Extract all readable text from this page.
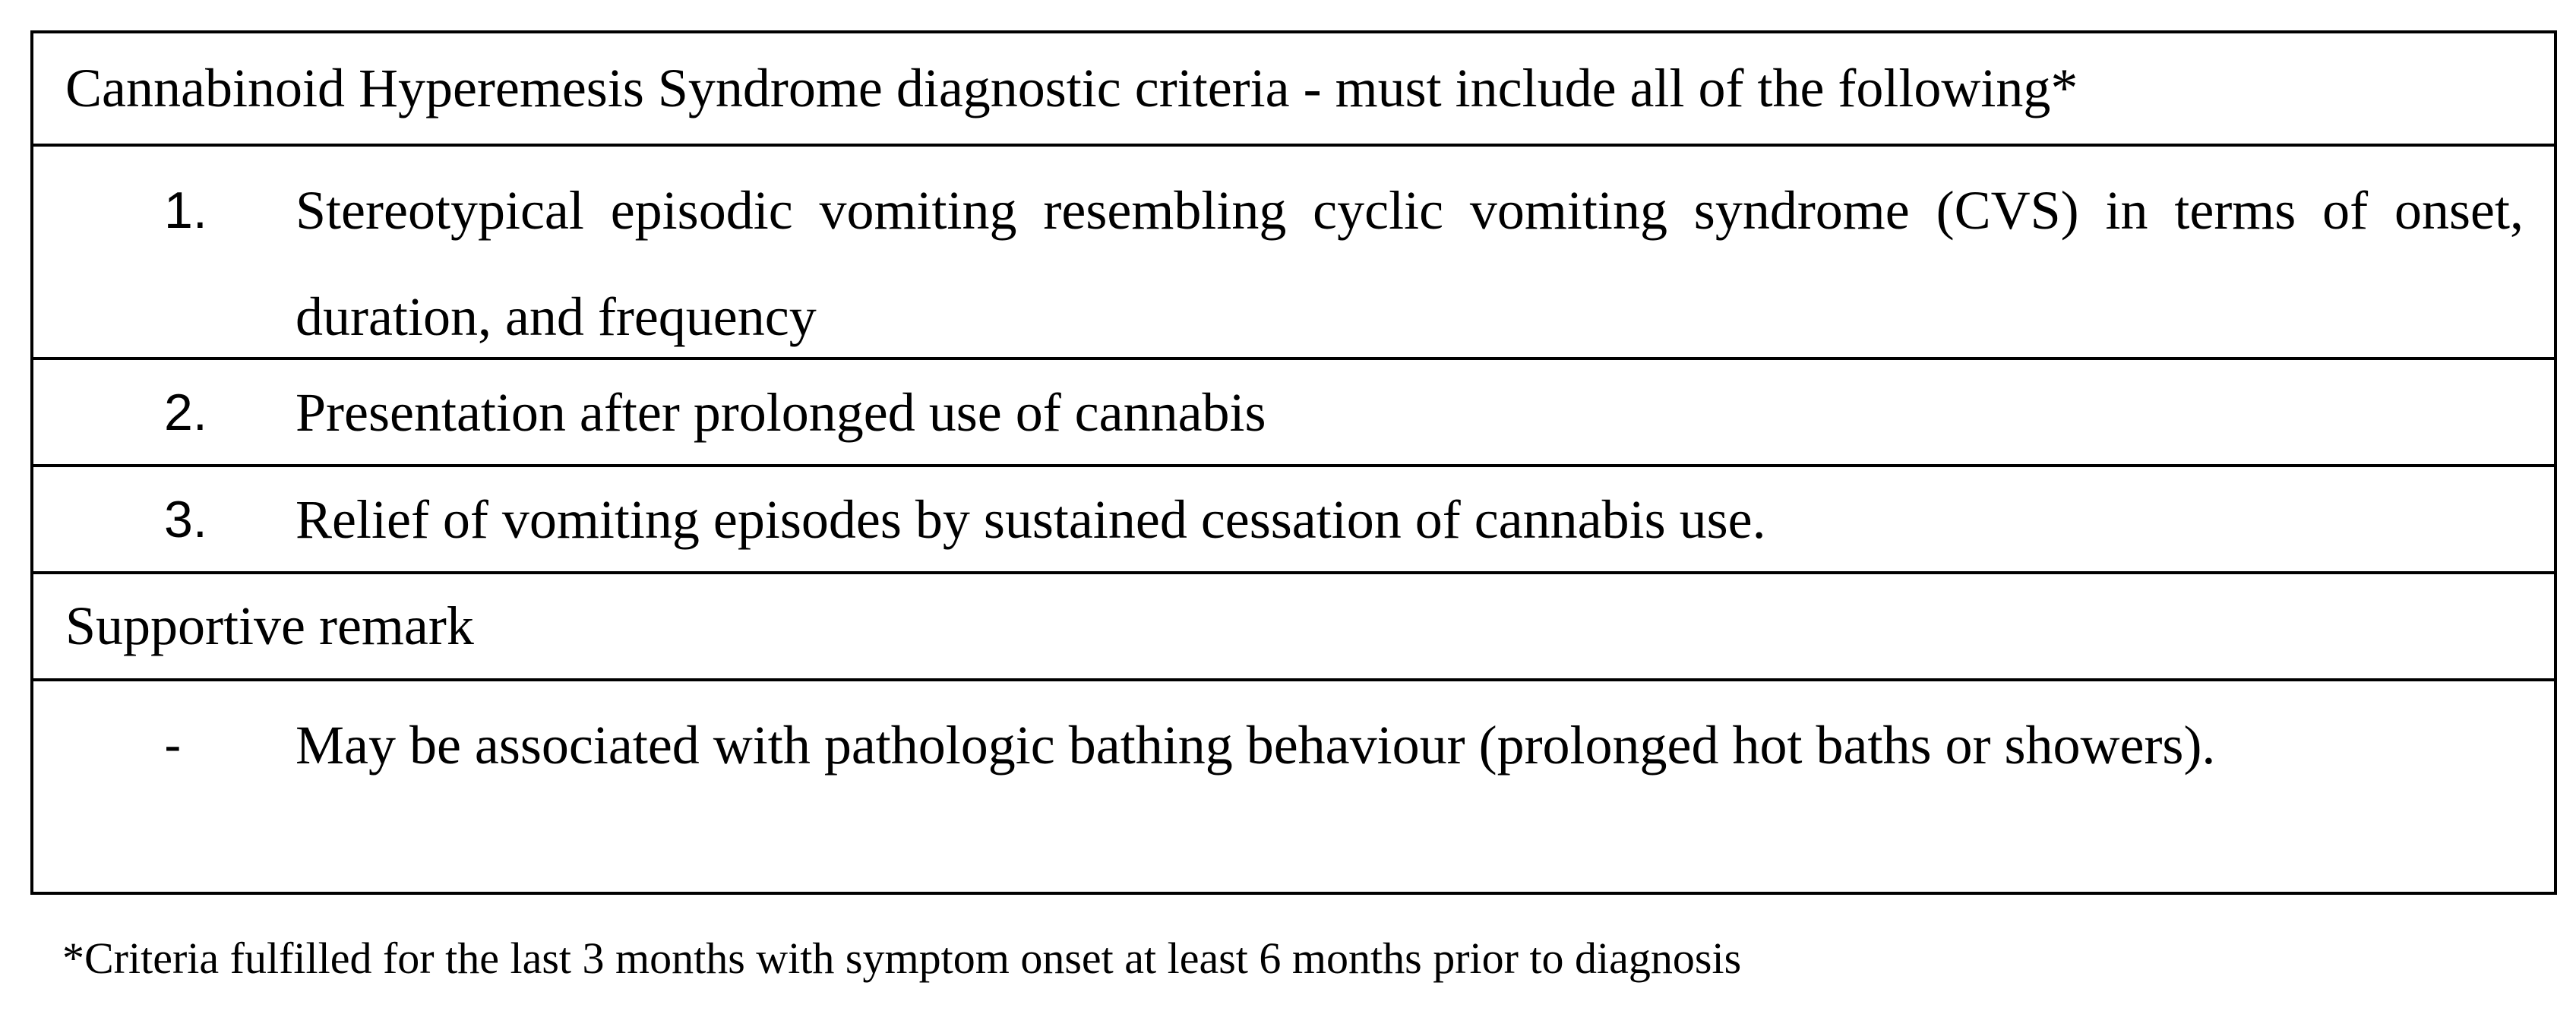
Cannabinoid Hyperemesis Syndrome diagnostic criteria - must include all of the following*
1.	Stereotypical episodic vomiting resembling cyclic vomiting syndrome (CVS) in terms of onset, duration, and frequency
2.	Presentation after prolonged use of cannabis
3.	Relief of vomiting episodes by sustained cessation of cannabis use.
Supportive remark
-	May be associated with pathologic bathing behaviour (prolonged hot baths or showers).
*Criteria fulfilled for the last 3 months with symptom onset at least 6 months prior to diagnosis
